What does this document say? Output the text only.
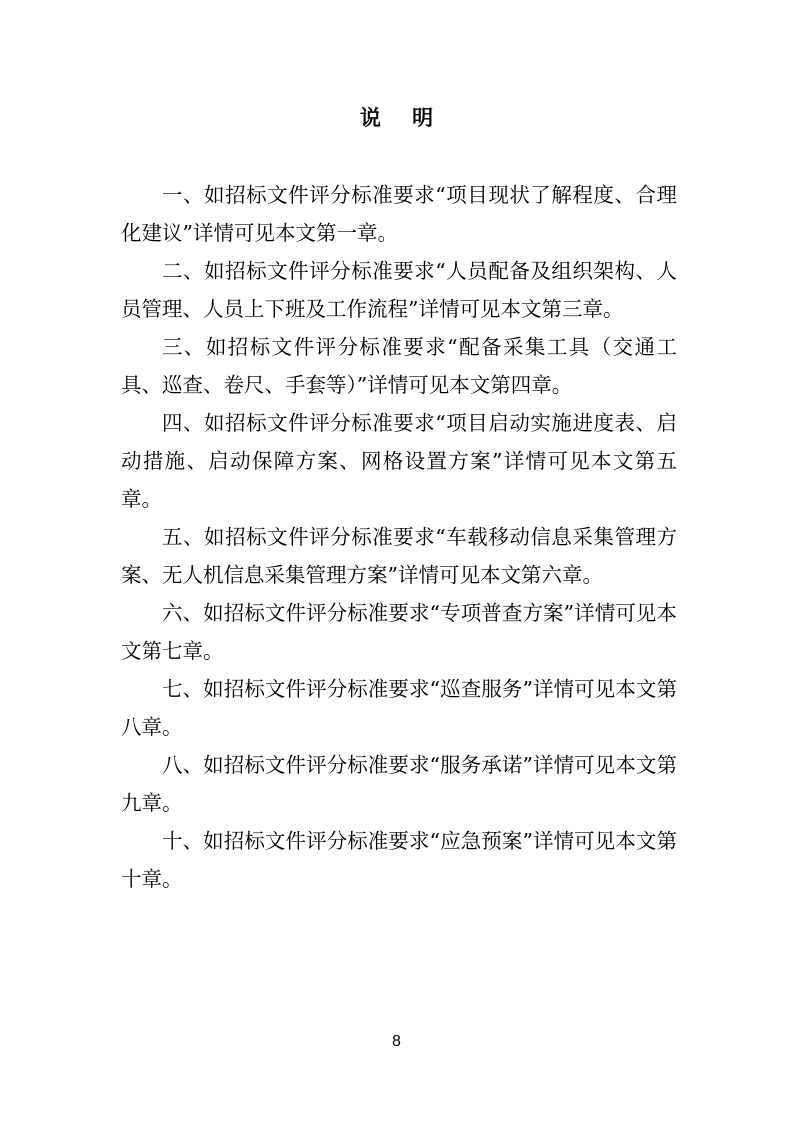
说 明

一、如招标文件评分标准要求“项目现状了解程度、合理化建议”详情可见本文第一章。

二、如招标文件评分标准要求“人员配备及组织架构、人员管理、人员上下班及工作流程”详情可见本文第三章。

三、如招标文件评分标准要求“配备采集工具（交通工具、巡查、卷尺、手套等）”详情可见本文第四章。

四、如招标文件评分标准要求“项目启动实施进度表、启动措施、启动保障方案、网格设置方案”详情可见本文第五章。

五、如招标文件评分标准要求“车载移动信息采集管理方案、无人机信息采集管理方案”详情可见本文第六章。

六、如招标文件评分标准要求“专项普查方案”详情可见本文第七章。

七、如招标文件评分标准要求“巡查服务”详情可见本文第八章。

八、如招标文件评分标准要求“服务承诺”详情可见本文第九章。

十、如招标文件评分标准要求“应急预案”详情可见本文第十章。

8
